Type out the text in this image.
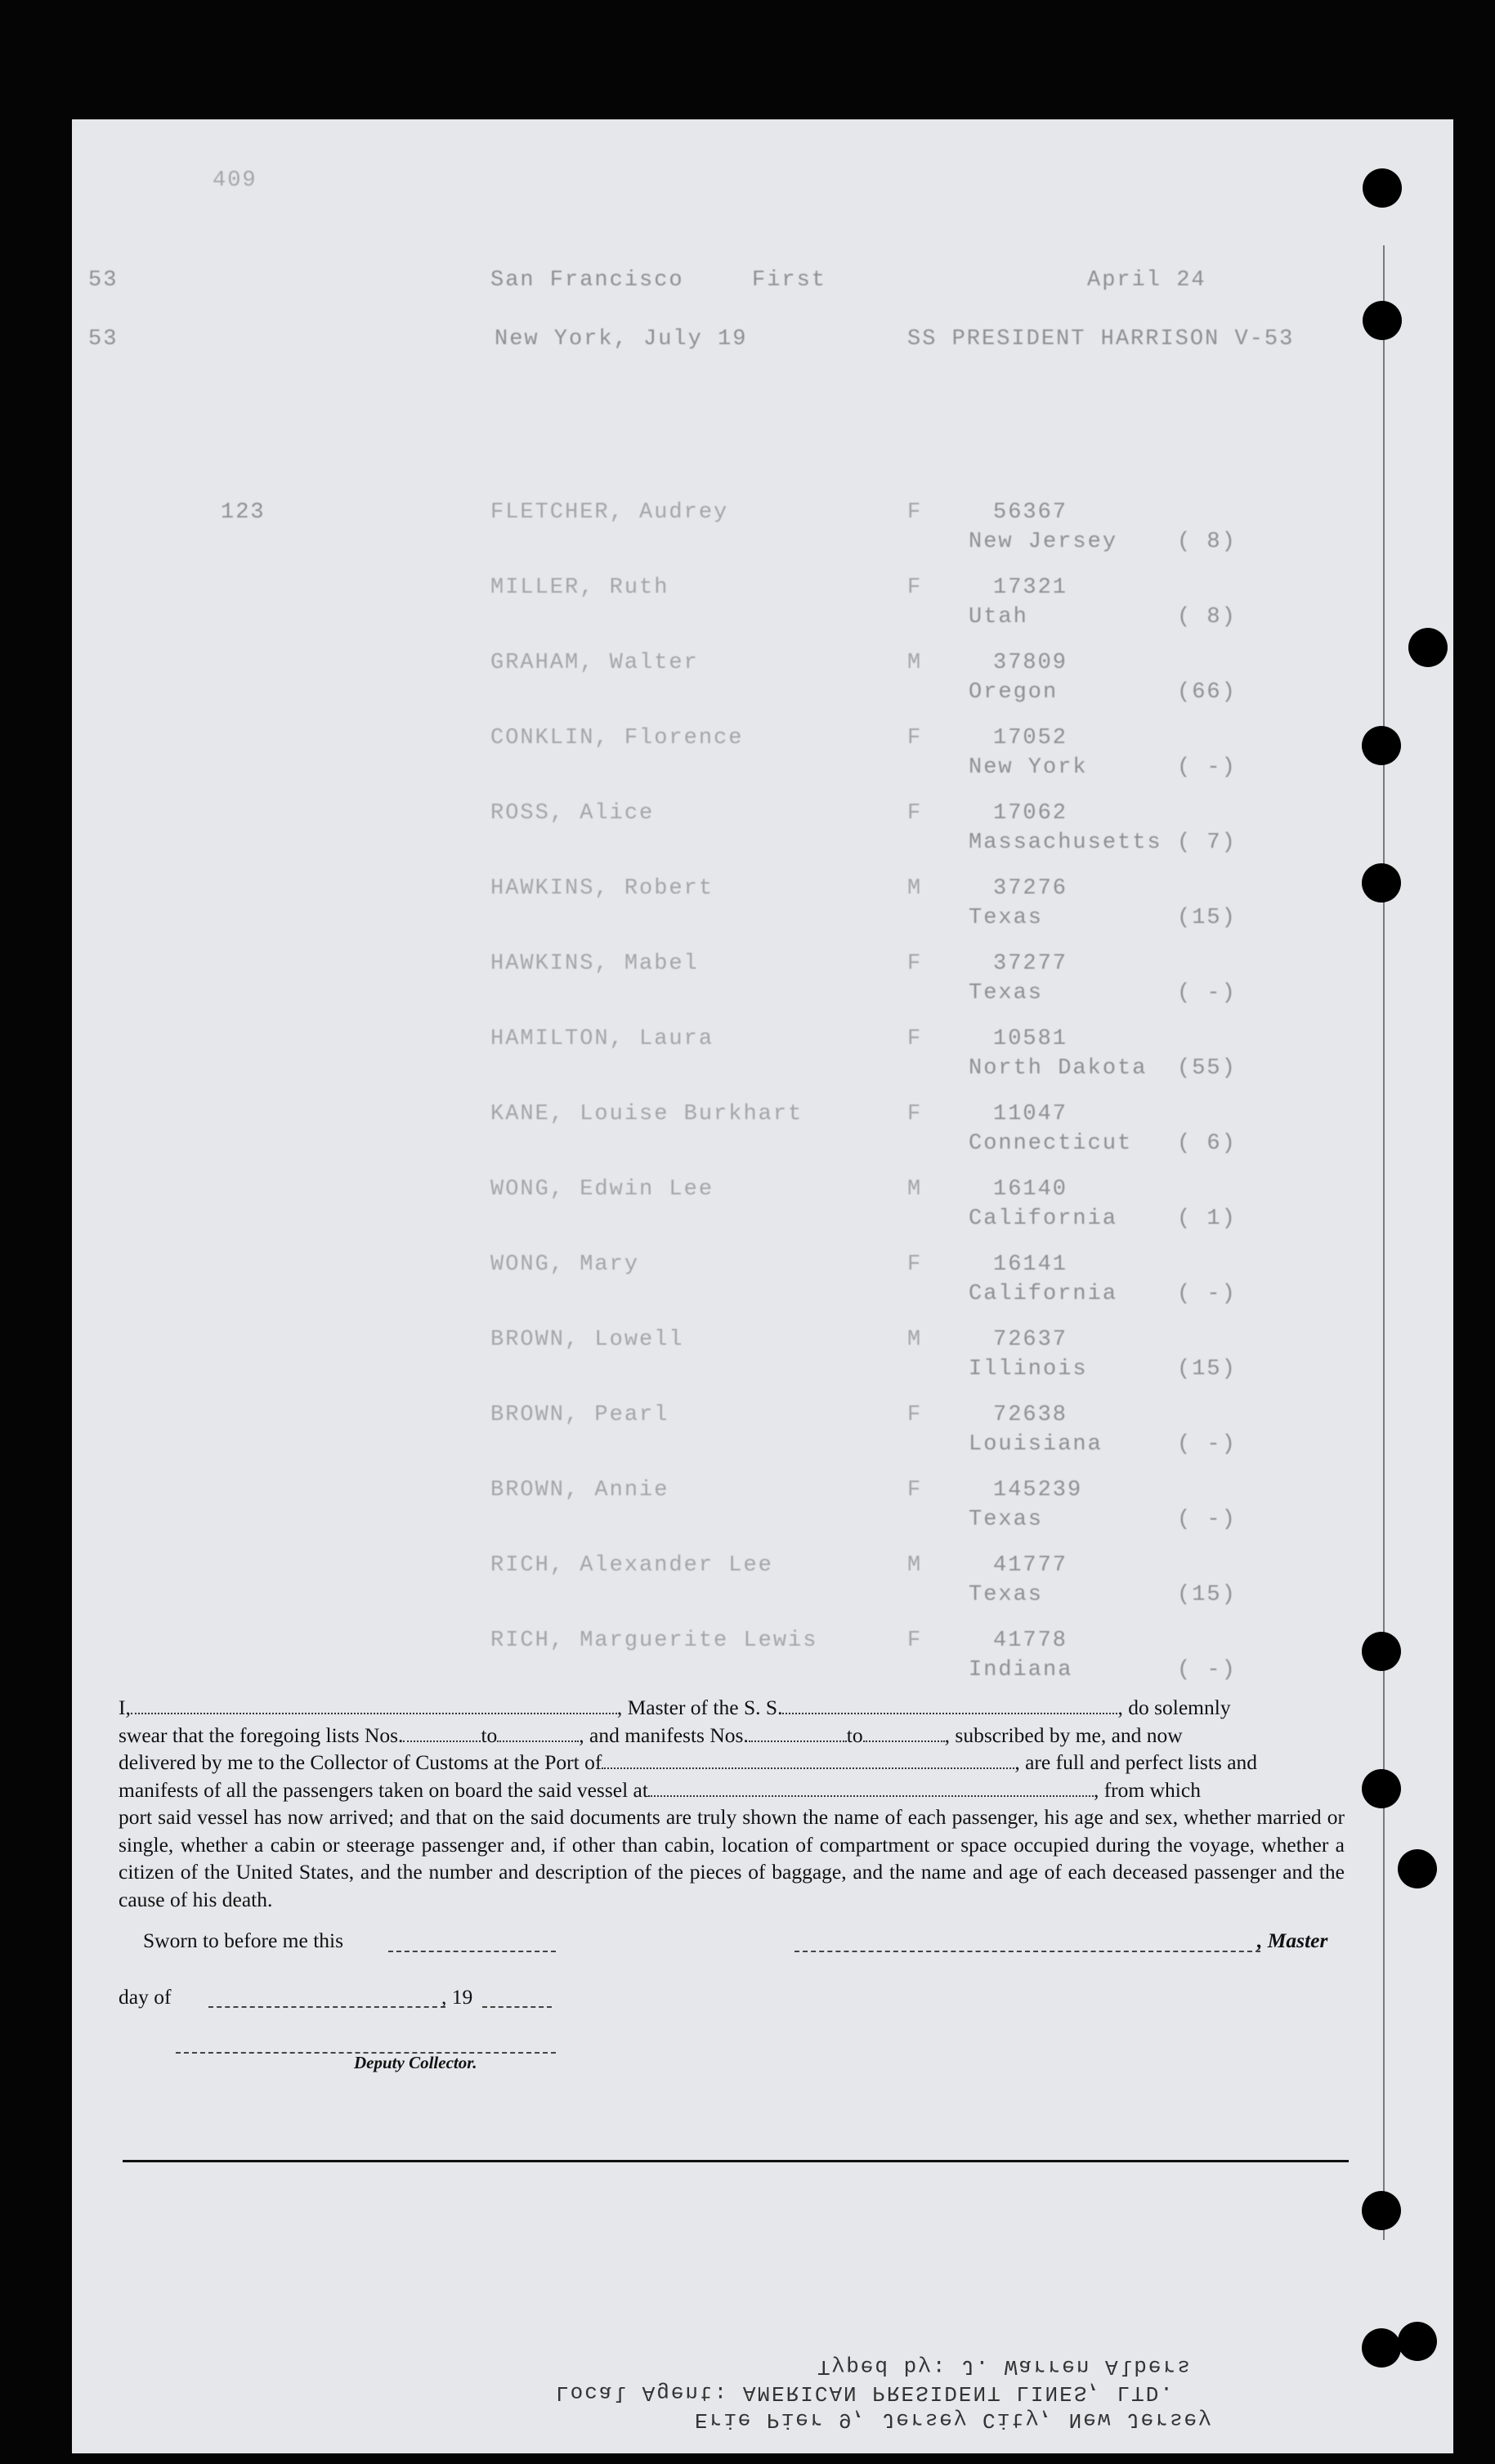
409
53	San Francisco	First	April 24
53	New York, July 19	SS PRESIDENT HARRISON V-53
123	FLETCHER, Audrey	F	56367
New Jersey	( 8)
MILLER, Ruth	F	17321
Utah	( 8)
GRAHAM, Walter	M	37809
Oregon	(66)
CONKLIN, Florence	F	17052
New York	( -)
ROSS, Alice	F	17062
Massachusetts ( 7)
HAWKINS, Robert	M	37276
Texas	(15)
HAWKINS, Mabel	F	37277
Texas	( -)
HAMILTON, Laura	F	10581
North Dakota (55)
KANE, Louise Burkhart	F	11047
Connecticut ( 6)
WONG, Edwin Lee	M	16140
California	( 1)
WONG, Mary	F	16141
California	( -)
BROWN, Lowell	M	72637
Illinois	(15)
BROWN, Pearl	F	72638
Louisiana	( -)
BROWN, Annie	F	145239
Texas	( -)
RICH, Alexander Lee	M	41777
Texas	(15)
RICH, Marguerite Lewis	F	41778
Indiana	( -)

I,	, Master of the S. S.	, do solemnly

swear that the foregoing lists Nos.	to	, and manifests Nos.	to	, subscribed by me, and now

delivered by me to the Collector of Customs at the Port of	, are full and perfect lists and

manifests of all the passengers taken on board the said vessel at	, from which

port said vessel has now arrived; and that on the said documents are truly shown the name of each passenger, his age and sex, whether married or single, whether a cabin or steerage passenger and, if other than cabin, location of compartment or space occupied during the voyage, whether a citizen of the United States, and the number and description of the pieces of baggage, and the name and age of each deceased passenger and the cause of his death.

Sworn to before me this	, Master
day of	, 19
Deputy Collector.
Typed by: J. Warren Albers
Local Agent: AMERICAN PRESIDENT LINES, LTD.
Erie Pier 9, Jersey City, New Jersey
